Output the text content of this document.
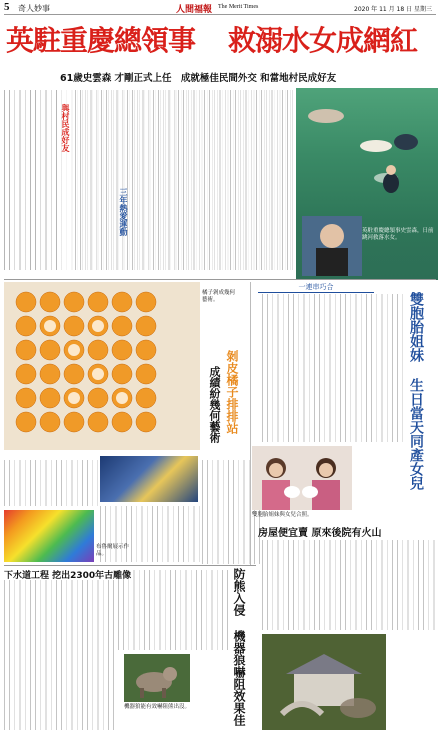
5 奇人妙事	人間福報 The Merit Times	2020 年 11 月 18 日 星期三
英駐重慶總領事 救溺水女成網紅
61歲史雲森 才剛正式上任 成就極佳民間外交 和當地村民成好友
與村民成好友
三年熱愛運動	英駐重慶總領事史雲森，日前跳河救落水女。
橘子剝成幾何藝術。
剝皮橘子排排站
成績紛幾何藝術
布魯爾展示作品。
一連串巧合
雙胞胎姐妹 生日當天同產女兒
雙胞胎姐妹與女兒合照。
房屋便宜賣 原來後院有火山
下水道工程 挖出2300年古雕像	防熊入侵 機器狼嚇阻效果佳
機器狼能有效嚇阻熊出沒。
